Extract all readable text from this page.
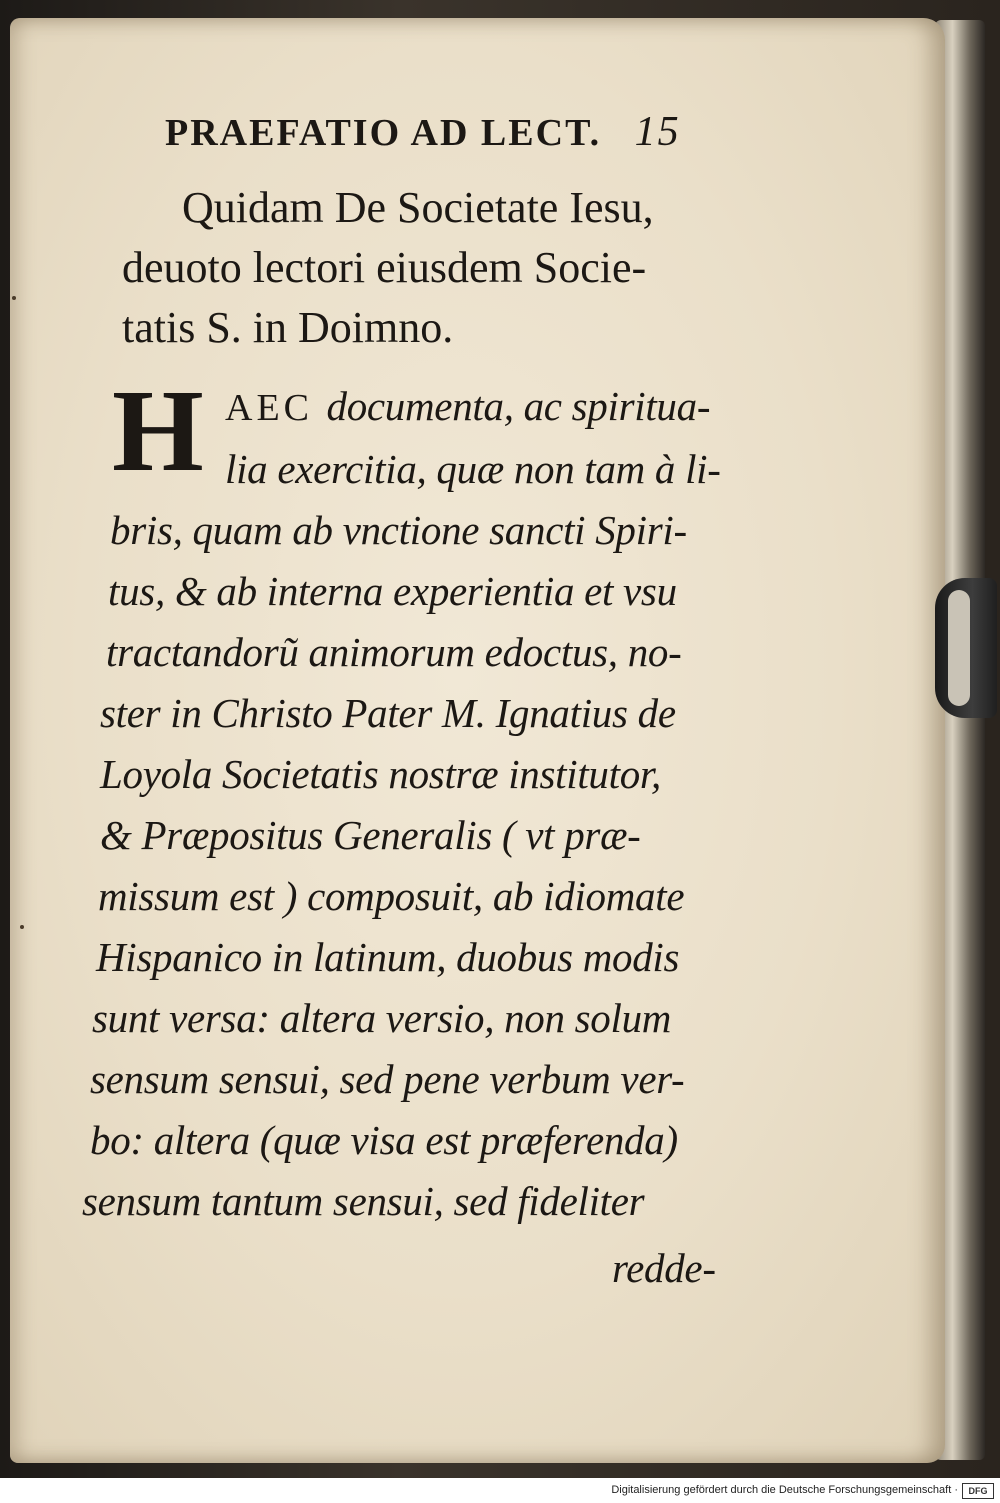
PRAEFATIO AD LECT. 15
Quidam De Societate Iesu,
deuoto lectori eiusdem Socie-
tatis S. in Doimno.
H AEC documenta, ac spiritua-
lia exercitia, quæ non tam à li-
bris, quam ab vnctione sancti Spiri-
tus, & ab interna experientia et vsu
tractandorũ animorum edoctus, no-
ster in Christo Pater M. Ignatius de
Loyola Societatis nostræ institutor,
& Præpositus Generalis ( vt præ-
missum est ) composuit, ab idiomate
Hispanico in latinum, duobus modis
sunt versa: altera versio, non solum
sensum sensui, sed pene verbum ver-
bo: altera (quæ visa est præferenda)
sensum tantum sensui, sed fideliter
redde-
Digitalisierung gefördert durch die Deutsche Forschungsgemeinschaft ·	DFG
